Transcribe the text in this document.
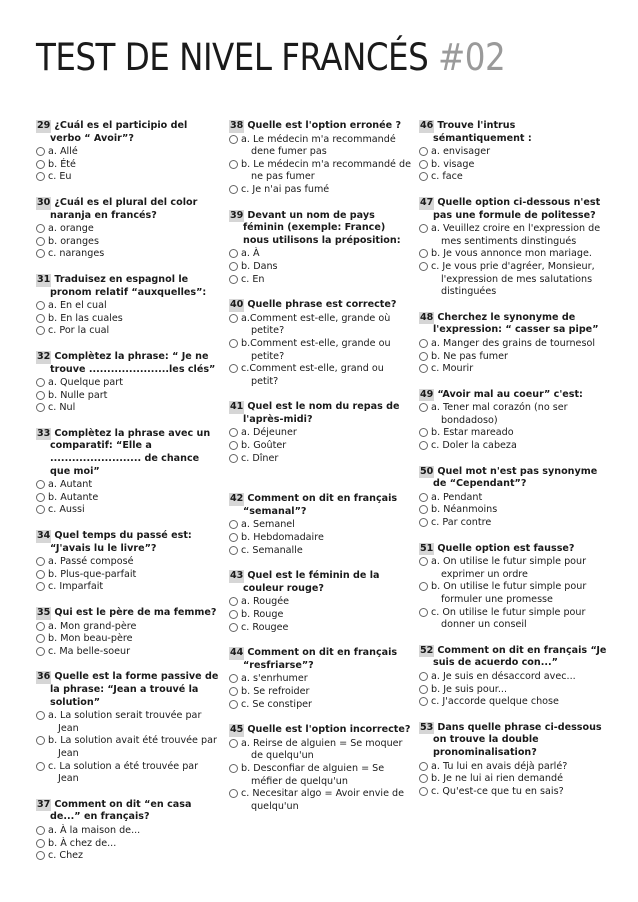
TEST DE NIVEL FRANCÉS #02
29 ¿Cuál es el participio del verbo “ Avoir”?
a. Allé
b. Été
c. Eu
30 ¿Cuál es el plural del color naranja en francés?
a. orange
b. oranges
c. naranges
31 Traduisez en espagnol le pronom relatif “auxquelles”:
a. En el cual
b. En las cuales
c. Por la cual
32 Complètez la phrase: “ Je ne trouve ......................les clés”
a. Quelque part
b. Nulle part
c. Nul
33 Complètez la phrase avec un comparatif: “Elle a ......................... de chance que moi”
a. Autant
b. Autante
c. Aussi
34 Quel temps du passé est: “J'avais lu le livre”?
a. Passé composé
b. Plus-que-parfait
c. Imparfait
35 Qui est le père de ma femme?
a. Mon grand-père
b. Mon beau-père
c. Ma belle-soeur
36 Quelle est la forme passive de la phrase: “Jean a trouvé la solution”
a. La solution serait trouvée par Jean
b. La solution avait été trouvée par Jean
c. La solution a été trouvée par Jean
37 Comment on dit “en casa de...” en français?
a. À la maison de...
b. À chez de...
c. Chez
38 Quelle est l'option erronée ?
a. Le médecin m'a recommandé dene fumer pas
b. Le médecin m'a recommandé de ne pas fumer
c. Je n'ai pas fumé
39 Devant un nom de pays féminin (exemple: France) nous utilisons la préposition:
a. À
b. Dans
c. En
40 Quelle phrase est correcte?
a.Comment est-elle, grande où petite?
b.Comment est-elle, grande ou petite?
c.Comment est-elle, grand ou petit?
41 Quel est le nom du repas de l'après-midi?
a. Déjeuner
b. Goûter
c. Dîner
42 Comment on dit en français “semanal”?
a. Semanel
b. Hebdomadaire
c. Semanalle
43 Quel est le féminin de la couleur rouge?
a. Rougée
b. Rouge
c. Rougee
44 Comment on dit en français “resfriarse”?
a. s'enrhumer
b. Se refroider
c. Se constiper
45 Quelle est l'option incorrecte?
a. Reirse de alguien = Se moquer de quelqu'un
b. Desconfiar de alguien = Se méfier de quelqu'un
c. Necesitar algo = Avoir envie de quelqu'un
46 Trouve l'intrus sémantiquement :
a. envisager
b. visage
c. face
47 Quelle option ci-dessous n'est pas une formule de politesse?
a. Veuillez croire en l'expression de mes sentiments dinstingués
b. Je vous annonce mon mariage.
c. Je vous prie d'agréer, Monsieur, l'expression de mes salutations distinguées
48 Cherchez le synonyme de l'expression: “ casser sa pipe”
a. Manger des grains de tournesol
b. Ne pas fumer
c. Mourir
49 “Avoir mal au coeur” c'est:
a. Tener mal corazón (no ser bondadoso)
b. Estar mareado
c. Doler la cabeza
50 Quel mot n'est pas synonyme de “Cependant”?
a. Pendant
b. Néanmoins
c. Par contre
51 Quelle option est fausse?
a. On utilise le futur simple pour exprimer un ordre
b. On utilise le futur simple pour formuler une promesse
c. On utilise le futur simple pour donner un conseil
52 Comment on dit en français “Je suis de acuerdo con...”
a. Je suis en désaccord avec...
b. Je suis pour...
c. J'accorde quelque chose
53 Dans quelle phrase ci-dessous on trouve la double pronominalisation?
a. Tu lui en avais déjà parlé?
b. Je ne lui ai rien demandé
c. Qu'est-ce que tu en sais?
